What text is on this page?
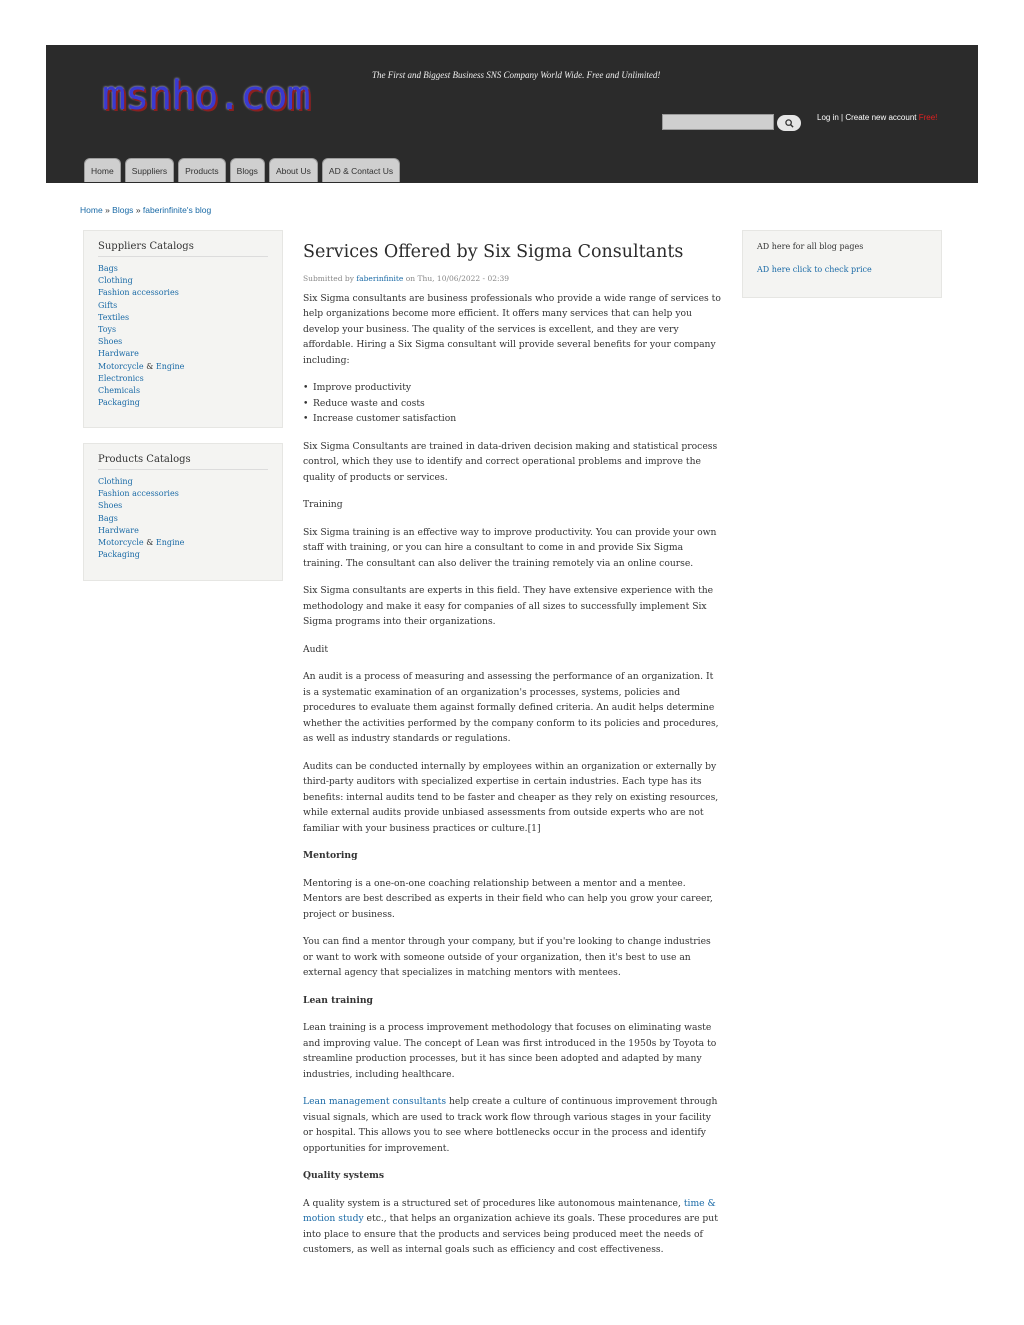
msnho.com	The First and Biggest Business SNS Company World Wide. Free and Unlimited!
Log in | Create new account Free!
Home	Suppliers	Products	Blogs	About Us	AD & Contact Us
Home » Blogs » faberinfinite's blog
Suppliers Catalogs
Bags
Clothing
Fashion accessories
Gifts
Textiles
Toys
Shoes
Hardware
Motorcycle & Engine
Electronics
Chemicals
Packaging
Products Catalogs
Clothing
Fashion accessories
Shoes
Bags
Hardware
Motorcycle & Engine
Packaging
Services Offered by Six Sigma Consultants

Submitted by faberinfinite on Thu, 10/06/2022 - 02:39

Six Sigma consultants are business professionals who provide a wide range of services to help organizations become more efficient. It offers many services that can help you develop your business. The quality of the services is excellent, and they are very affordable. Hiring a Six Sigma consultant will provide several benefits for your company including:

• Improve productivity
• Reduce waste and costs
• Increase customer satisfaction

Six Sigma Consultants are trained in data-driven decision making and statistical process control, which they use to identify and correct operational problems and improve the quality of products or services.

Training

Six Sigma training is an effective way to improve productivity. You can provide your own staff with training, or you can hire a consultant to come in and provide Six Sigma training. The consultant can also deliver the training remotely via an online course.

Six Sigma consultants are experts in this field. They have extensive experience with the methodology and make it easy for companies of all sizes to successfully implement Six Sigma programs into their organizations.

Audit

An audit is a process of measuring and assessing the performance of an organization. It is a systematic examination of an organization's processes, systems, policies and procedures to evaluate them against formally defined criteria. An audit helps determine whether the activities performed by the company conform to its policies and procedures, as well as industry standards or regulations.

Audits can be conducted internally by employees within an organization or externally by third-party auditors with specialized expertise in certain industries. Each type has its benefits: internal audits tend to be faster and cheaper as they rely on existing resources, while external audits provide unbiased assessments from outside experts who are not familiar with your business practices or culture.[1]

Mentoring

Mentoring is a one-on-one coaching relationship between a mentor and a mentee. Mentors are best described as experts in their field who can help you grow your career, project or business.

You can find a mentor through your company, but if you're looking to change industries or want to work with someone outside of your organization, then it's best to use an external agency that specializes in matching mentors with mentees.

Lean training

Lean training is a process improvement methodology that focuses on eliminating waste and improving value. The concept of Lean was first introduced in the 1950s by Toyota to streamline production processes, but it has since been adopted and adapted by many industries, including healthcare.

Lean management consultants help create a culture of continuous improvement through visual signals, which are used to track work flow through various stages in your facility or hospital. This allows you to see where bottlenecks occur in the process and identify opportunities for improvement.

Quality systems

A quality system is a structured set of procedures like autonomous maintenance, time & motion study etc., that helps an organization achieve its goals. These procedures are put into place to ensure that the products and services being produced meet the needs of customers, as well as internal goals such as efficiency and cost effectiveness.

AD here for all blog pages
AD here click to check price
